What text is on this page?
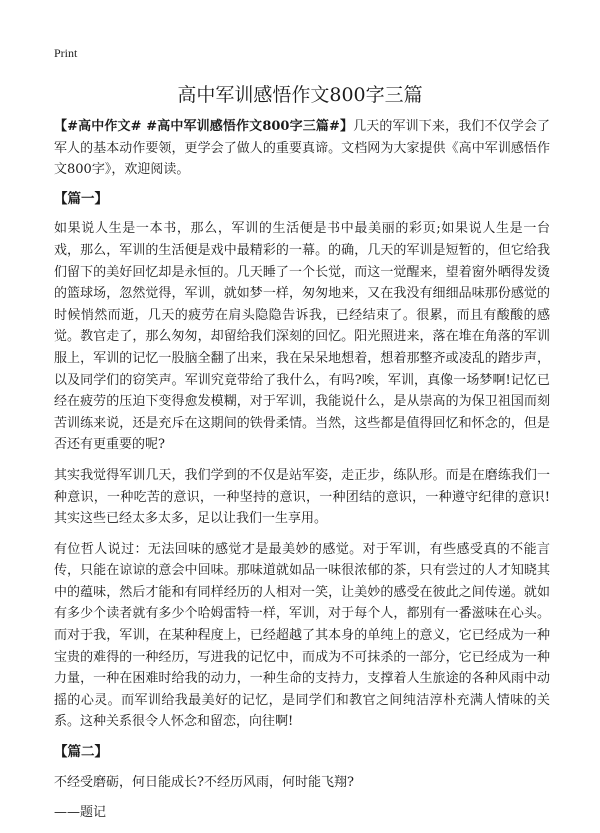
Print
高中军训感悟作文800字三篇

【#高中作文# #高中军训感悟作文800字三篇#】几天的军训下来，我们不仅学会了军人的基本动作要领，更学会了做人的重要真谛。文档网为大家提供《高中军训感悟作文800字》，欢迎阅读。

【篇一】

如果说人生是一本书，那么，军训的生活便是书中最美丽的彩页;如果说人生是一台戏，那么，军训的生活便是戏中最精彩的一幕。的确，几天的军训是短暂的，但它给我们留下的美好回忆却是永恒的。几天睡了一个长觉，而这一觉醒来，望着窗外晒得发烫的篮球场，忽然觉得，军训，就如梦一样，匆匆地来，又在我没有细细品味那份感觉的时候悄然而逝，几天的疲劳在肩头隐隐告诉我，已经结束了。很累，而且有酸酸的感觉。教官走了，那么匆匆，却留给我们深刻的回忆。阳光照进来，落在堆在角落的军训服上，军训的记忆一股脑全翻了出来，我在呆呆地想着，想着那整齐或凌乱的踏步声，以及同学们的窃笑声。军训究竟带给了我什么，有吗?唉，军训，真像一场梦啊!记忆已经在疲劳的压迫下变得愈发模糊，对于军训，我能说什么，是从崇高的为保卫祖国而刻苦训练来说，还是充斥在这期间的铁骨柔情。当然，这些都是值得回忆和怀念的，但是否还有更重要的呢?

其实我觉得军训几天，我们学到的不仅是站军姿，走正步，练队形。而是在磨练我们一种意识，一种吃苦的意识，一种坚持的意识，一种团结的意识，一种遵守纪律的意识!其实这些已经太多太多，足以让我们一生享用。

有位哲人说过：无法回味的感觉才是最美妙的感觉。对于军训，有些感受真的不能言传，只能在谅谅的意会中回味。那味道就如品一味很浓郁的茶，只有尝过的人才知晓其中的蕴味，然后才能和有同样经历的人相对一笑，让美妙的感受在彼此之间传递。就如有多少个读者就有多少个哈姆雷特一样，军训，对于每个人，都别有一番滋味在心头。而对于我，军训，在某种程度上，已经超越了其本身的单纯上的意义，它已经成为一种宝贵的难得的一种经历，写进我的记忆中，而成为不可抹杀的一部分，它已经成为一种力量，一种在困难时给我的动力，一种生命的支持力，支撑着人生旅途的各种风雨中动摇的心灵。而军训给我最美好的记忆，是同学们和教官之间纯洁淳朴充满人情味的关系。这种关系很令人怀念和留恋，向往啊!

【篇二】

不经受磨砺，何日能成长?不经历风雨，何时能飞翔?

——题记
